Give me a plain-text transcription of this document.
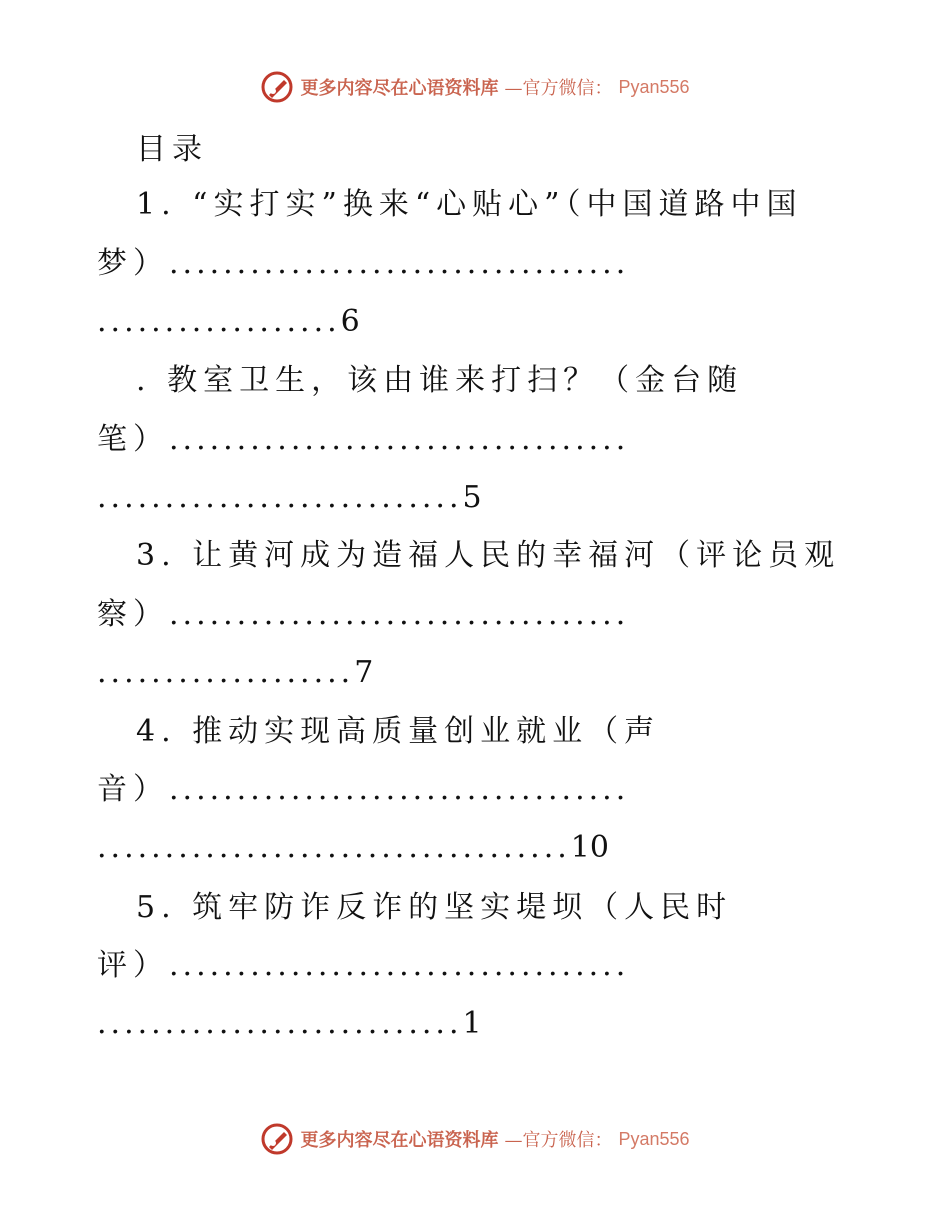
更多内容尽在心语资料库 —官方微信： Pyan556
目录
1. “实打实”换来“心贴心”（中国道路中国
梦）..................................
..................6
. 教室卫生，该由谁来打扫？（金台随
笔）..................................
...........................5
3. 让黄河成为造福人民的幸福河（评论员观
察）..................................
...................7
4. 推动实现高质量创业就业（声
音）..................................
...................................10
5. 筑牢防诈反诈的坚实堤坝（人民时
评）..................................
...........................1
更多内容尽在心语资料库 —官方微信： Pyan556
